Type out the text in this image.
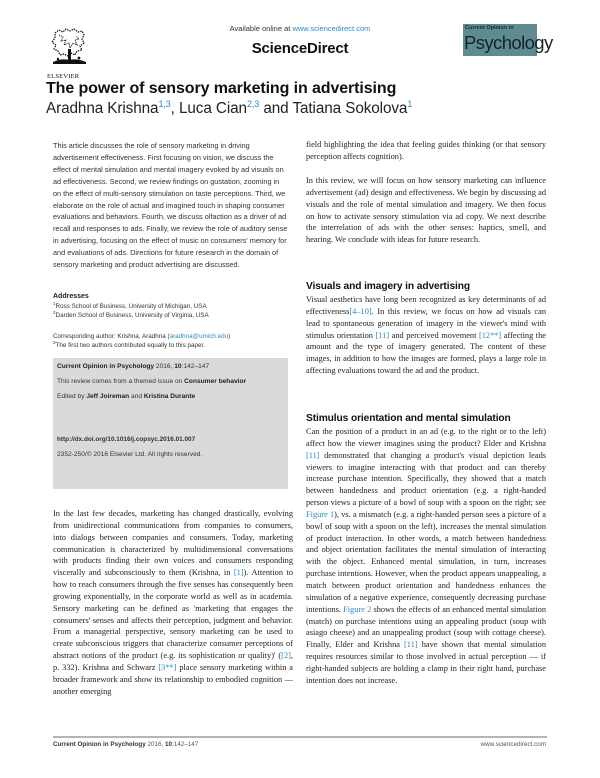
ELSEVIER
Available online at www.sciencedirect.com
ScienceDirect
Current Opinion in
Psychology
The power of sensory marketing in advertising
Aradhna Krishna$^{1,3}$, Luca Cian$^{2,3}$ and Tatiana Sokolova$^1$
This article discusses the role of sensory marketing in driving advertisement effectiveness. First focusing on vision, we discuss the effect of mental simulation and mental imagery evoked by ad visuals on ad effectiveness. Second, we review findings on gustation, zooming in on the effect of multi-sensory stimulation on taste perceptions. Third, we elaborate on the role of actual and imagined touch in shaping consumer evaluations and behaviors. Fourth, we discuss olfaction as a driver of ad recall and responses to ads. Finally, we review the role of auditory sense in advertising, focusing on the effect of music on consumers' memory for and evaluations of ads. Directions for future research in the domain of sensory marketing and product advertising are discussed.
Addresses
$^1$Ross School of Business, University of Michigan, USA
$^2$Darden School of Business, University of Virginia, USA
Corresponding author: Krishna, Aradhna (aradhna@umich.edu)
$^3$The first two authors contributed equally to this paper.
Current Opinion in Psychology 2016, 10:142–147
This review comes from a themed issue on Consumer behavior
Edited by Jeff Joireman and Kristina Durante
http://dx.doi.org/10.1016/j.copsyc.2016.01.007
2352-250/© 2016 Elsevier Ltd. All rights reserved.
In the last few decades, marketing has changed drastically, evolving from unidirectional communications from companies to consumers, into dialogs between companies and consumers. Today, marketing communication is characterized by multidimensional conversations with products finding their own voices and consumers responding viscerally and subconsciously to them (Krishna, in [1]). Attention to how to reach consumers through the five senses has consequently been growing exponentially, in the corporate world as well as in academia. Sensory marketing can be defined as 'marketing that engages the consumers' senses and affects their perception, judgment and behavior. From a managerial perspective, sensory marketing can be used to create subconscious triggers that characterize consumer perceptions of abstract notions of the product (e.g. its sophistication or quality)' ([2], p. 332). Krishna and Schwarz [3**] place sensory marketing within a broader framework and show its relationship to embodied cognition — another emerging

field highlighting the idea that feeling guides thinking (or that sensory perception affects cognition).

In this review, we will focus on how sensory marketing can influence advertisement (ad) design and effectiveness. We begin by discussing ad visuals and the role of mental simulation and imagery. We then focus on how to activate sensory stimulation via ad copy. We next describe the interrelation of ads with the other senses: haptics, smell, and hearing. We conclude with ideas for future research.

Visuals and imagery in advertising

Visual aesthetics have long been recognized as key determinants of ad effectiveness[4–10]. In this review, we focus on how ad visuals can lead to spontaneous generation of imagery in the viewer's mind with stimulus orientation [11] and perceived movement [12**] affecting the amount and the type of imagery generated. The content of these images, in addition to how the images are formed, plays a large role in affecting evaluations toward the ad and the product.

Stimulus orientation and mental simulation

Can the position of a product in an ad (e.g. to the right or to the left) affect how the viewer imagines using the product? Elder and Krishna [11] demonstrated that changing a product's visual depiction leads viewers to imagine interacting with that product and can thereby increase purchase intention. Specifically, they showed that a match between handedness and product orientation (e.g. a right-handed person views a picture of a bowl of soup with a spoon on the right; see Figure 1), vs. a mismatch (e.g. a right-handed person sees a picture of a bowl of soup with a spoon on the left), increases the mental simulation of product interaction. In other words, a match between handedness and object orientation facilitates the mental simulation of interacting with the object. Enhanced mental simulation, in turn, increases purchase intentions. However, when the product appears unappealing, a match between product orientation and handedness enhances the simulation of a negative experience, consequently decreasing purchase intentions. Figure 2 shows the effects of an enhanced mental simulation (match) on purchase intentions using an appealing product (soup with asiago cheese) and an unappealing product (soup with cottage cheese). Finally, Elder and Krishna [11] have shown that mental simulation requires resources similar to those involved in actual perception — if right-handed subjects are holding a clamp in their right hand, purchase intention does not increase.

Current Opinion in Psychology 2016, 10:142–147	www.sciencedirect.com
